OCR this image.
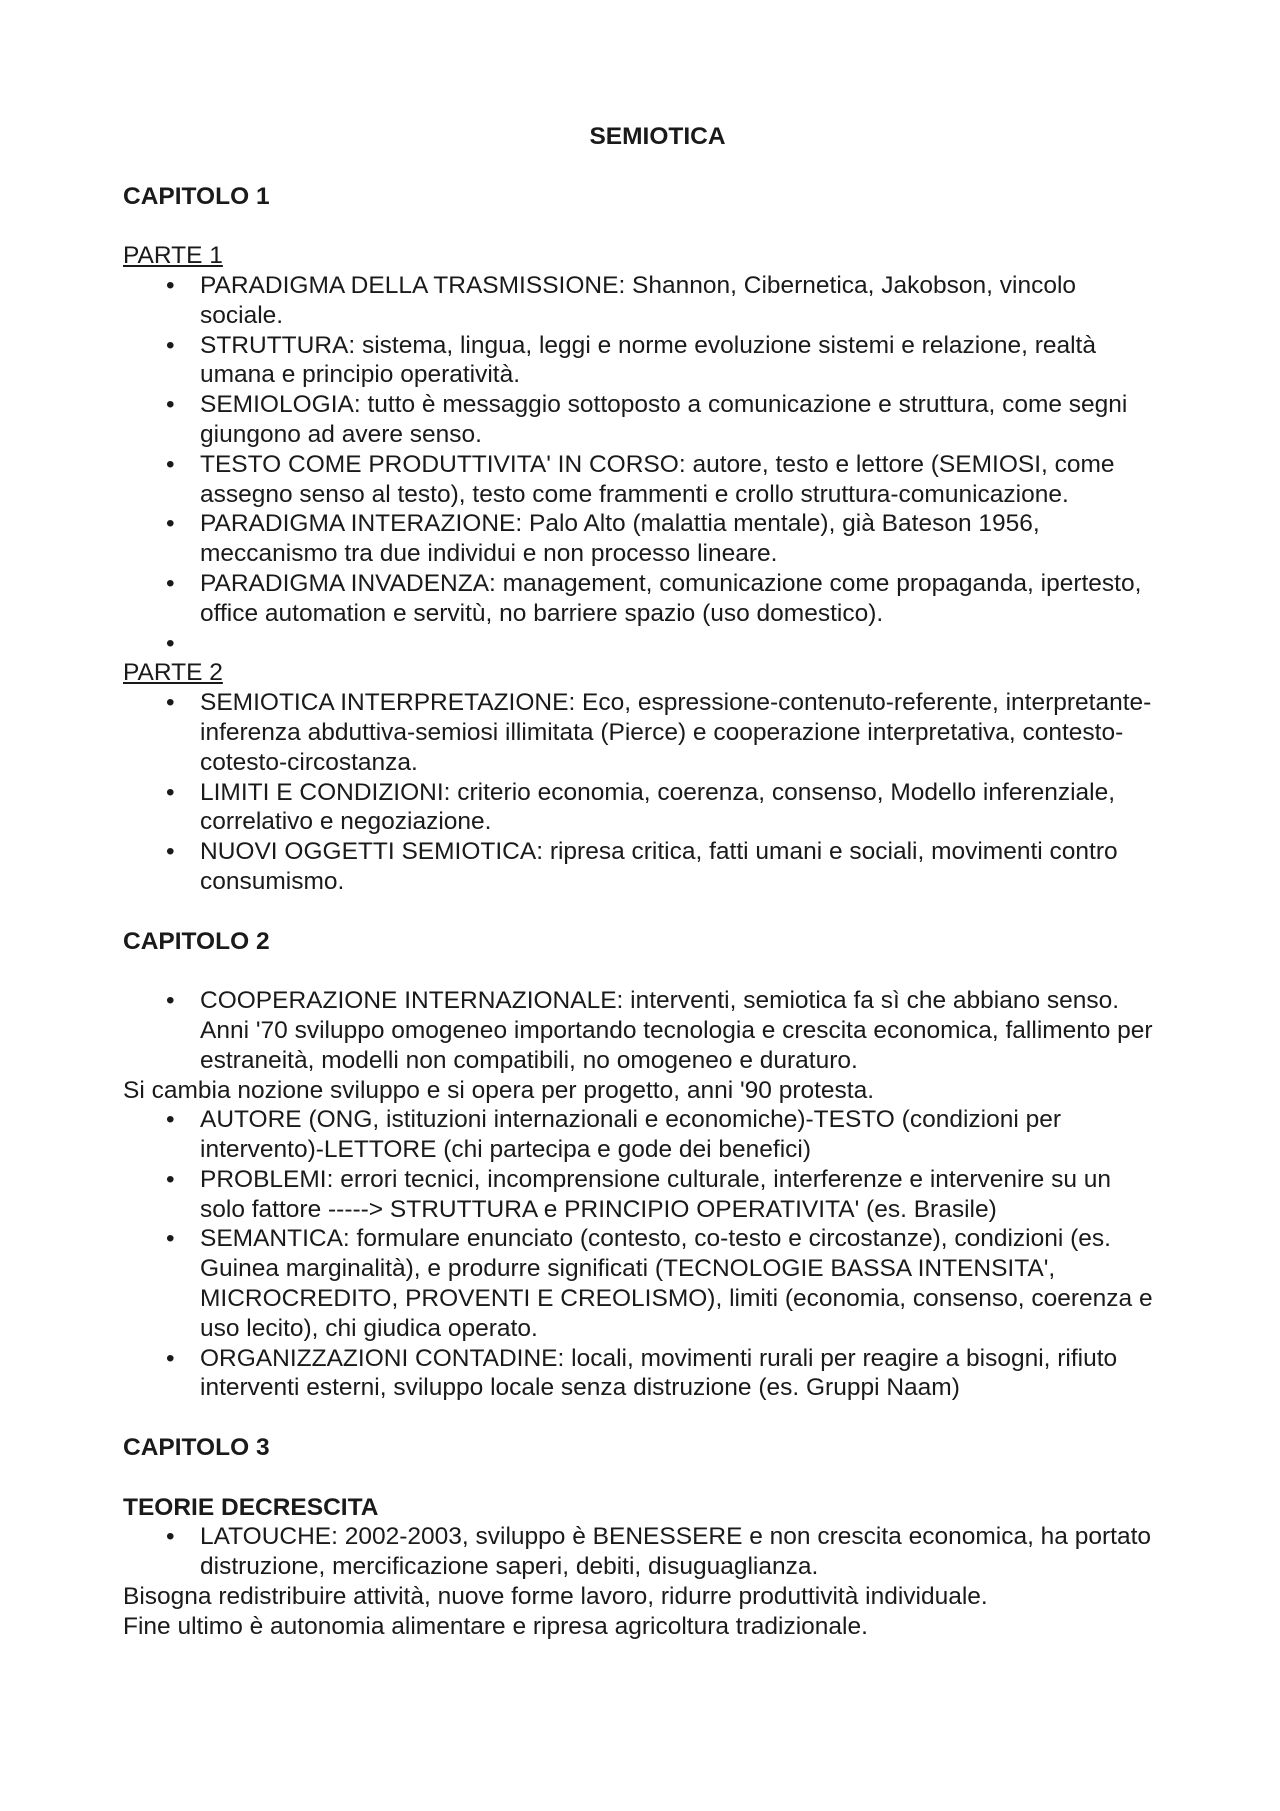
SEMIOTICA

CAPITOLO 1

PARTE 1

• PARADIGMA DELLA TRASMISSIONE: Shannon, Cibernetica, Jakobson, vincolo sociale.
• STRUTTURA: sistema, lingua, leggi e norme evoluzione sistemi e relazione, realtà umana e principio operatività.
• SEMIOLOGIA: tutto è messaggio sottoposto a comunicazione e struttura, come segni giungono ad avere senso.
• TESTO COME PRODUTTIVITA' IN CORSO: autore, testo e lettore (SEMIOSI, come assegno senso al testo), testo come frammenti e crollo struttura-comunicazione.
• PARADIGMA INTERAZIONE: Palo Alto (malattia mentale), già Bateson 1956, meccanismo tra due individui e non processo lineare.
• PARADIGMA INVADENZA: management, comunicazione come propaganda, ipertesto, office automation e servitù, no barriere spazio (uso domestico).
•

PARTE 2

• SEMIOTICA INTERPRETAZIONE: Eco, espressione-contenuto-referente, interpretante-inferenza abduttiva-semiosi illimitata (Pierce) e cooperazione interpretativa, contesto-cotesto-circostanza.
• LIMITI E CONDIZIONI: criterio economia, coerenza, consenso, Modello inferenziale, correlativo e negoziazione.
• NUOVI OGGETTI SEMIOTICA: ripresa critica, fatti umani e sociali, movimenti contro consumismo.

CAPITOLO 2

• COOPERAZIONE INTERNAZIONALE: interventi, semiotica fa sì che abbiano senso. Anni '70 sviluppo omogeneo importando tecnologia e crescita economica, fallimento per estraneità, modelli non compatibili, no omogeneo e duraturo.

Si cambia nozione sviluppo e si opera per progetto, anni '90 protesta.

• AUTORE (ONG, istituzioni internazionali e economiche)-TESTO (condizioni per intervento)-LETTORE (chi partecipa e gode dei benefici)
• PROBLEMI: errori tecnici, incomprensione culturale, interferenze e intervenire su un solo fattore -----> STRUTTURA e PRINCIPIO OPERATIVITA' (es. Brasile)
• SEMANTICA: formulare enunciato (contesto, co-testo e circostanze), condizioni (es. Guinea marginalità), e produrre significati (TECNOLOGIE BASSA INTENSITA', MICROCREDITO, PROVENTI E CREOLISMO), limiti (economia, consenso, coerenza e uso lecito), chi giudica operato.
• ORGANIZZAZIONI CONTADINE: locali, movimenti rurali per reagire a bisogni, rifiuto interventi esterni, sviluppo locale senza distruzione (es. Gruppi Naam)

CAPITOLO 3

TEORIE DECRESCITA

• LATOUCHE: 2002-2003, sviluppo è BENESSERE e non crescita economica, ha portato distruzione, mercificazione saperi, debiti, disuguaglianza.

Bisogna redistribuire attività, nuove forme lavoro, ridurre produttività individuale.

Fine ultimo è autonomia alimentare e ripresa agricoltura tradizionale.
